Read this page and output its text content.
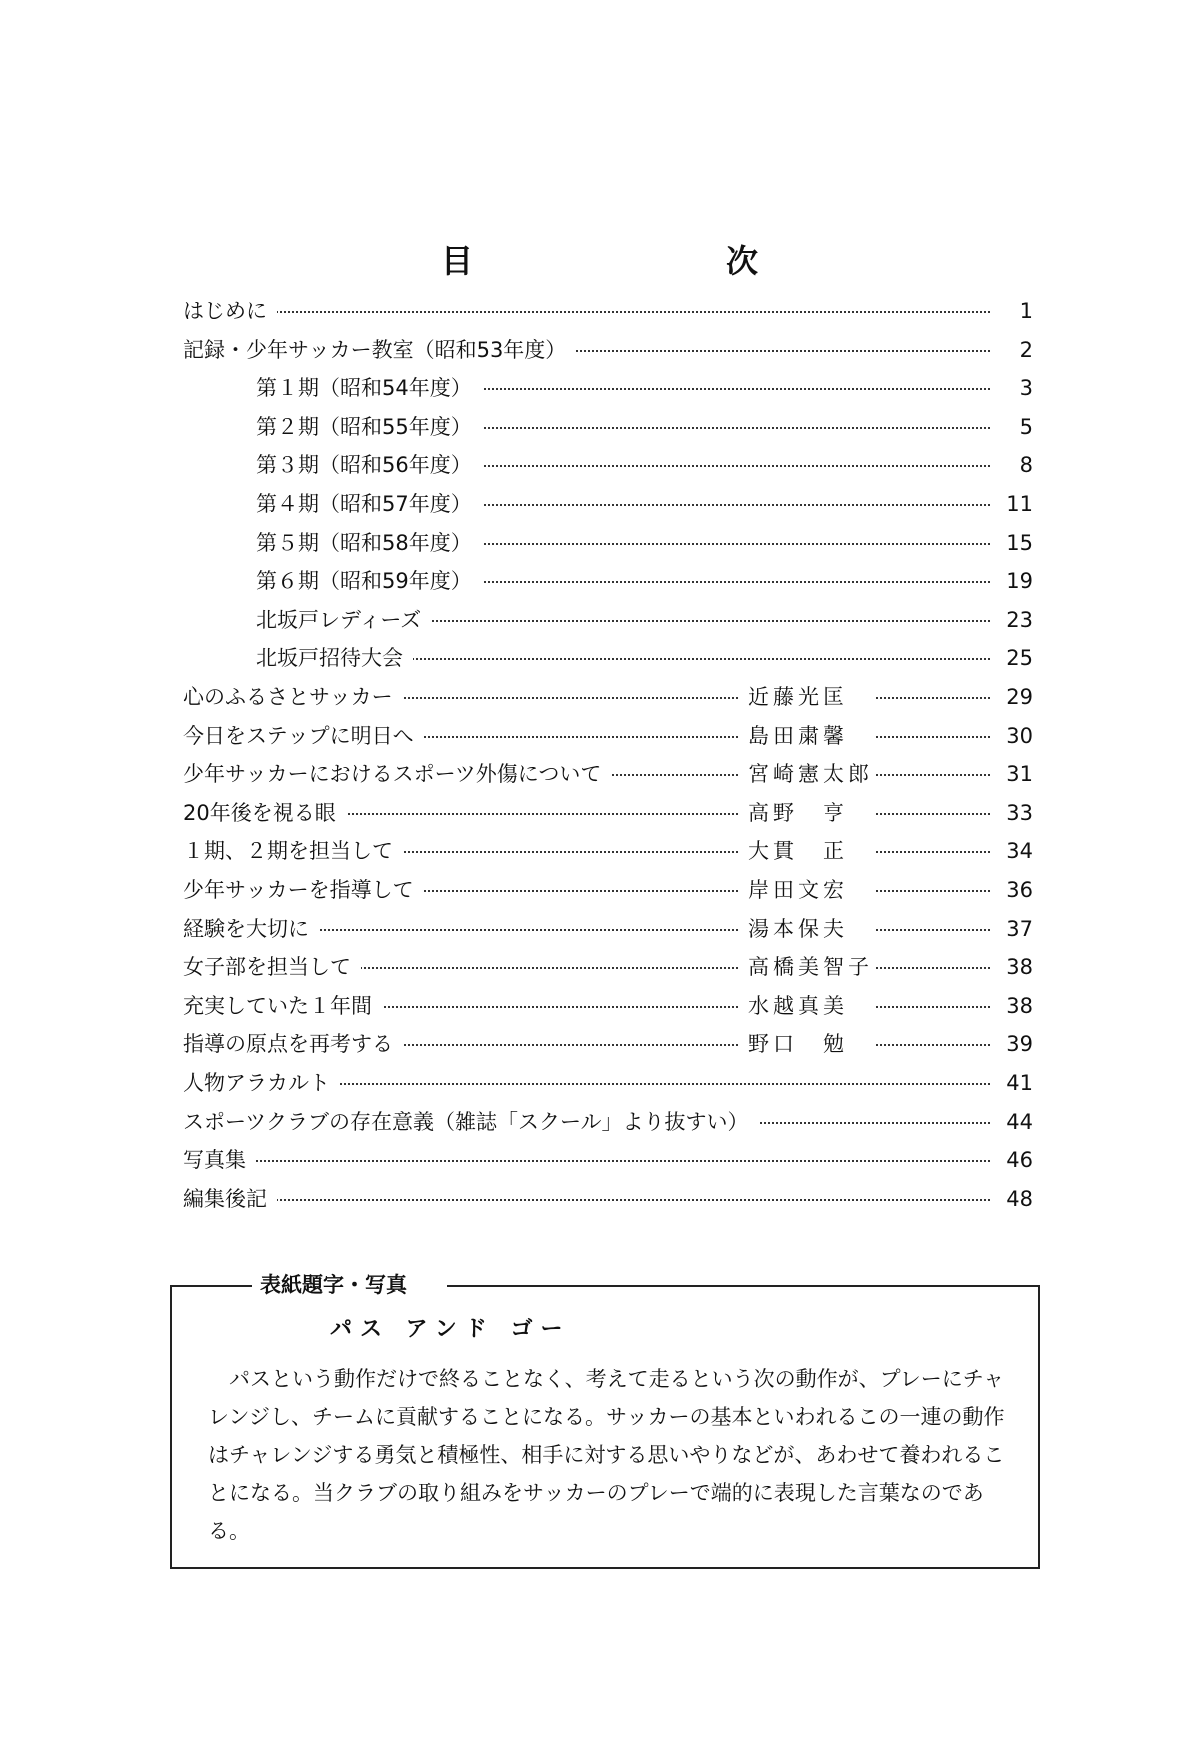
目	次
はじめに	1
記録・少年サッカー教室（昭和53年度）	2
第１期（昭和54年度）	3
第２期（昭和55年度）	5
第３期（昭和56年度）	8
第４期（昭和57年度）	11
第５期（昭和58年度）	15
第６期（昭和59年度）	19
北坂戸レディーズ	23
北坂戸招待大会	25
心のふるさとサッカー	近藤光匡	29
今日をステップに明日へ	島田粛馨	30
少年サッカーにおけるスポーツ外傷について	宮崎憲太郎	31
20年後を視る眼	高野　亨	33
１期、２期を担当して	大貫　正	34
少年サッカーを指導して	岸田文宏	36
経験を大切に	湯本保夫	37
女子部を担当して	高橋美智子	38
充実していた１年間	水越真美	38
指導の原点を再考する	野口　勉	39
人物アラカルト	41
スポーツクラブの存在意義（雑誌「スクール」より抜すい）	44
写真集	46
編集後記	48
表紙題字・写真
パス アンド ゴー
パスという動作だけで終ることなく、考えて走るという次の動作が、プレーにチャレンジし、チームに貢献することになる。サッカーの基本といわれるこの一連の動作はチャレンジする勇気と積極性、相手に対する思いやりなどが、あわせて養われることになる。当クラブの取り組みをサッカーのプレーで端的に表現した言葉なのである。
